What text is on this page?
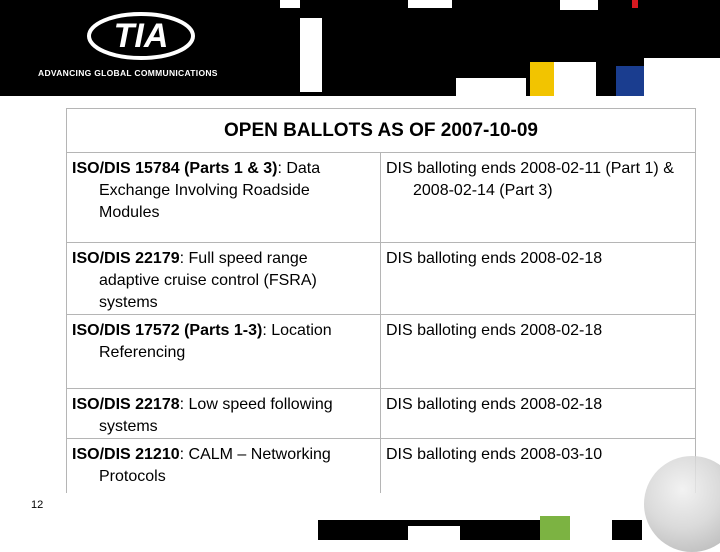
TIA
ADVANCING GLOBAL COMMUNICATIONS
OPEN BALLOTS AS OF 2007-10-09	

ISO/DIS 15784 (Parts 1 & 3): Data Exchange Involving Roadside Modules	DIS balloting ends 2008-02-11 (Part 1) & 2008-02-14 (Part 3)

ISO/DIS 22179: Full speed range adaptive cruise control (FSRA) systems	DIS balloting ends 2008-02-18

ISO/DIS 17572 (Parts 1-3): Location Referencing	DIS balloting ends 2008-02-18

ISO/DIS 22178: Low speed following systems	DIS balloting ends 2008-02-18

ISO/DIS 21210: CALM – Networking Protocols	DIS balloting ends 2008-03-10
12
